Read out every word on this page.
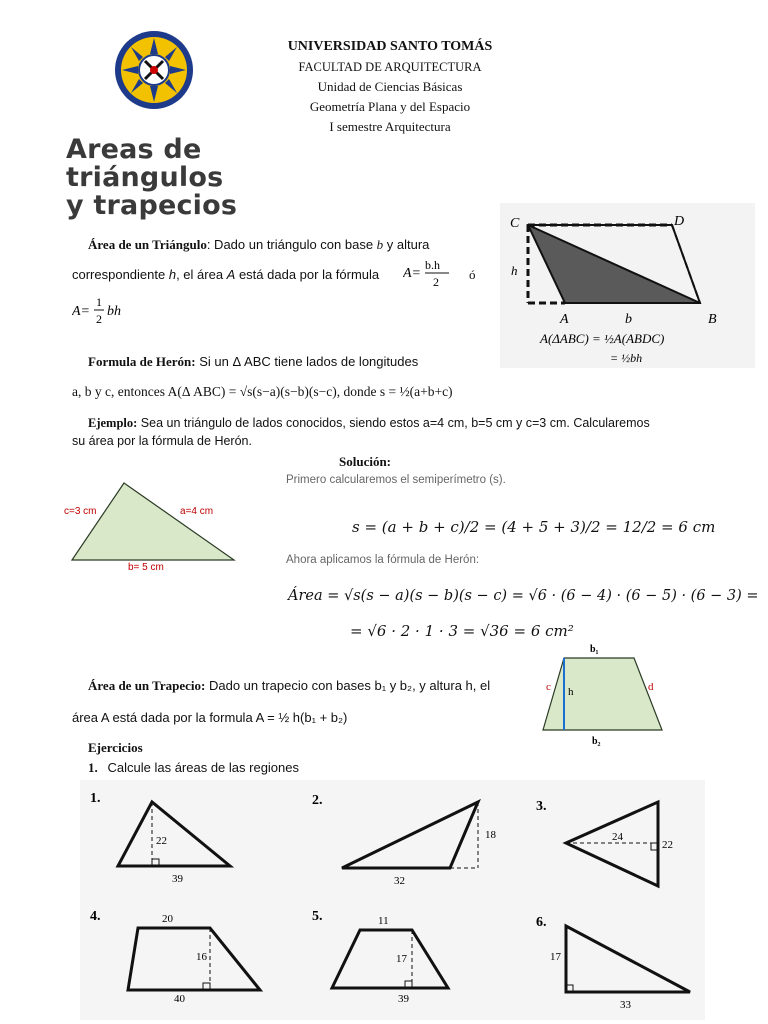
UNIVERSIDAD SANTO TOMÁS
FACULTAD DE ARQUITECTURA
Unidad de Ciencias Básicas
Geometría Plana y del Espacio
I semestre Arquitectura
Areas de
triángulos
y trapecios
Área de un Triángulo: Dado un triángulo con base b y altura
correspondiente h, el área A está dada por la fórmula	A=
b.h
2 ó
A=
1
2 bh
C	D
h
A	b	B
A(ΔABC) = ½A(ABDC)
= ½bh
Formula de Herón: Si un Δ ABC tiene lados de longitudes
a, b y c, entonces A(Δ ABC) = √s(s−a)(s−b)(s−c), donde s = ½(a+b+c)
Ejemplo: Sea un triángulo de lados conocidos, siendo estos a=4 cm, b=5 cm y c=3 cm. Calcularemos
su área por la fórmula de Herón.
Solución:
Primero calcularemos el semiperímetro (s).
s = (a + b + c)/2 = (4 + 5 + 3)/2 = 12/2 = 6 cm
Ahora aplicamos la fórmula de Herón:
Área = √s(s − a)(s − b)(s − c) = √6 · (6 − 4) · (6 − 5) · (6 − 3) =
= √6 · 2 · 1 · 3 = √36 = 6 cm²
c=3 cm	a=4 cm
b= 5 cm
Área de un Trapecio: Dado un trapecio con bases b₁ y b₂, y altura h, el
área A está dada por la formula A = ½ h(b₁ + b₂)
b₁
b₂
c	d
h
Ejercicios
1. Calcule las áreas de las regiones
1.
22
39
2.
18
32
3.
24
22
4.	20
16
40
5.	11
17
39
6.
17
33
